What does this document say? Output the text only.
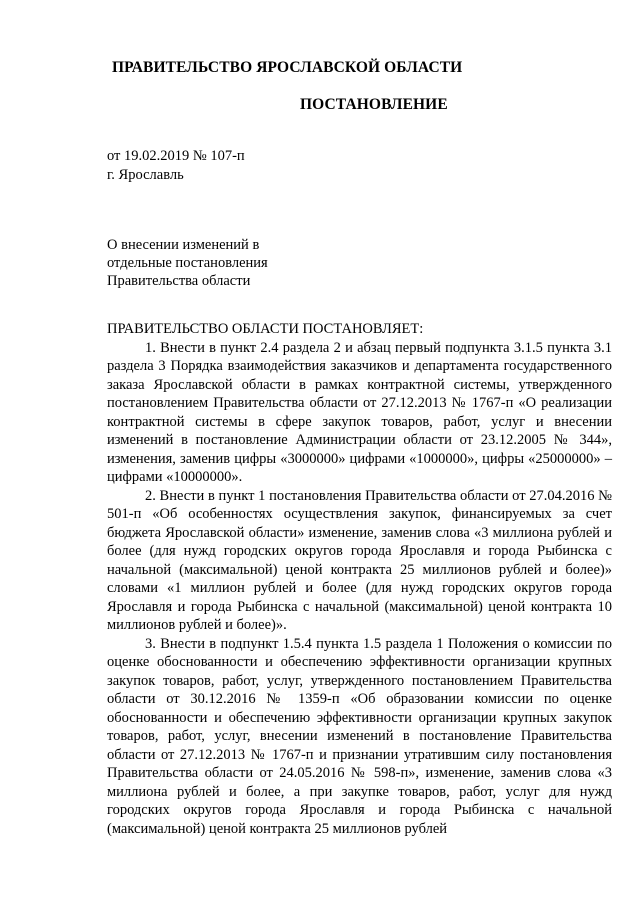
ПРАВИТЕЛЬСТВО ЯРОСЛАВСКОЙ ОБЛАСТИ
ПОСТАНОВЛЕНИЕ
от 19.02.2019 № 107-п
г. Ярославль
О внесении изменений в
отдельные постановления
Правительства области

ПРАВИТЕЛЬСТВО ОБЛАСТИ ПОСТАНОВЛЯЕТ:

1. Внести в пункт 2.4 раздела 2 и абзац первый подпункта 3.1.5 пункта 3.1 раздела 3 Порядка взаимодействия заказчиков и департамента государственного заказа Ярославской области в рамках контрактной системы, утвержденного постановлением Правительства области от 27.12.2013 № 1767-п «О реализации контрактной системы в сфере закупок товаров, работ, услуг и внесении изменений в постановление Администрации области от 23.12.2005 № 344», изменения, заменив цифры «3000000» цифрами «1000000», цифры «25000000» – цифрами «10000000».

2. Внести в пункт 1 постановления Правительства области от 27.04.2016 № 501-п «Об особенностях осуществления закупок, финансируемых за счет бюджета Ярославской области» изменение, заменив слова «3 миллиона рублей и более (для нужд городских округов города Ярославля и города Рыбинска с начальной (максимальной) ценой контракта 25 миллионов рублей и более)» словами «1 миллион рублей и более (для нужд городских округов города Ярославля и города Рыбинска с начальной (максимальной) ценой контракта 10 миллионов рублей и более)».

3. Внести в подпункт 1.5.4 пункта 1.5 раздела 1 Положения о комиссии по оценке обоснованности и обеспечению эффективности организации крупных закупок товаров, работ, услуг, утвержденного постановлением Правительства области от 30.12.2016 № 1359-п «Об образовании комиссии по оценке обоснованности и обеспечению эффективности организации крупных закупок товаров, работ, услуг, внесении изменений в постановление Правительства области от 27.12.2013 № 1767-п и признании утратившим силу постановления Правительства области от 24.05.2016 № 598-п», изменение, заменив слова «3 миллиона рублей и более, а при закупке товаров, работ, услуг для нужд городских округов города Ярославля и города Рыбинска с начальной (максимальной) ценой контракта 25 миллионов рублей
